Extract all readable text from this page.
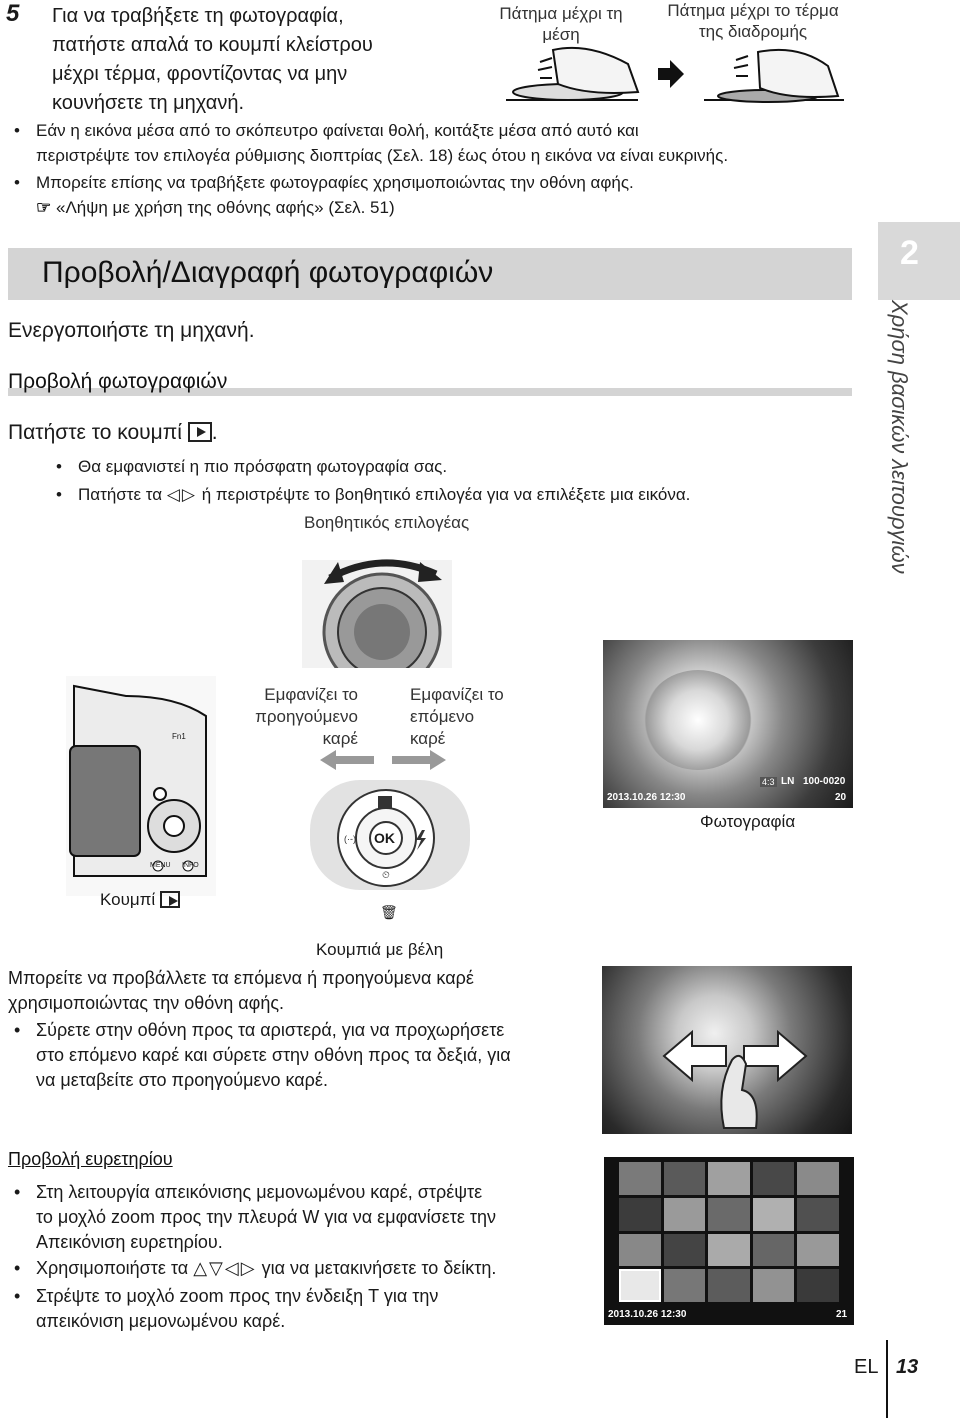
5 Για να τραβήξετε τη φωτογραφία,
πατήστε απαλά το κουμπί κλείστρου
μέχρι τέρμα, φροντίζοντας να μην
κουνήσετε τη μηχανή.
Πάτημα μέχρι τη
μέση
Πάτημα μέχρι το τέρμα
της διαδρομής
• Εάν η εικόνα μέσα από το σκόπευτρο φαίνεται θολή, κοιτάξτε μέσα από αυτό και
περιστρέψτε τον επιλογέα ρύθμισης διοπτρίας (Σελ. 18) έως ότου η εικόνα να είναι ευκρινής.
• Μπορείτε επίσης να τραβήξετε φωτογραφίες χρησιμοποιώντας την οθόνη αφής.
☞ «Λήψη με χρήση της οθόνης αφής» (Σελ. 51)
Προβολή/Διαγραφή φωτογραφιών
2
Χρήση βασικών λειτουργιών
Ενεργοποιήστε τη μηχανή.
Προβολή φωτογραφιών
Πατήστε το κουμπί .
• Θα εμφανιστεί η πιο πρόσφατη φωτογραφία σας.
• Πατήστε τα ◁▷ ή περιστρέψτε το βοηθητικό επιλογέα για να επιλέξετε μια εικόνα.
Βοηθητικός επιλογέας
Fn1
MENU INFO
Εμφανίζει το
προηγούμενο
καρέ
Εμφανίζει το
επόμενο
καρέ
(·-)
⏲
OK
🗑
4:3 LN 100-0020
2013.10.26 12:30	20
Φωτογραφία
Κουμπί
Κουμπιά με βέλη
Μπορείτε να προβάλλετε τα επόμενα ή προηγούμενα καρέ
χρησιμοποιώντας την οθόνη αφής.
• Σύρετε στην οθόνη προς τα αριστερά, για να προχωρήσετε
στο επόμενο καρέ και σύρετε στην οθόνη προς τα δεξιά, για
να μεταβείτε στο προηγούμενο καρέ.
Προβολή ευρετηρίου
• Στη λειτουργία απεικόνισης μεμονωμένου καρέ, στρέψτε
το μοχλό zoom προς την πλευρά W για να εμφανίσετε την
Απεικόνιση ευρετηρίου.
• Χρησιμοποιήστε τα △▽◁▷ για να μετακινήσετε το δείκτη.
• Στρέψτε το μοχλό zoom προς την ένδειξη T για την
απεικόνιση μεμονωμένου καρέ.	2013.10.26 12:30	21
EL 13
